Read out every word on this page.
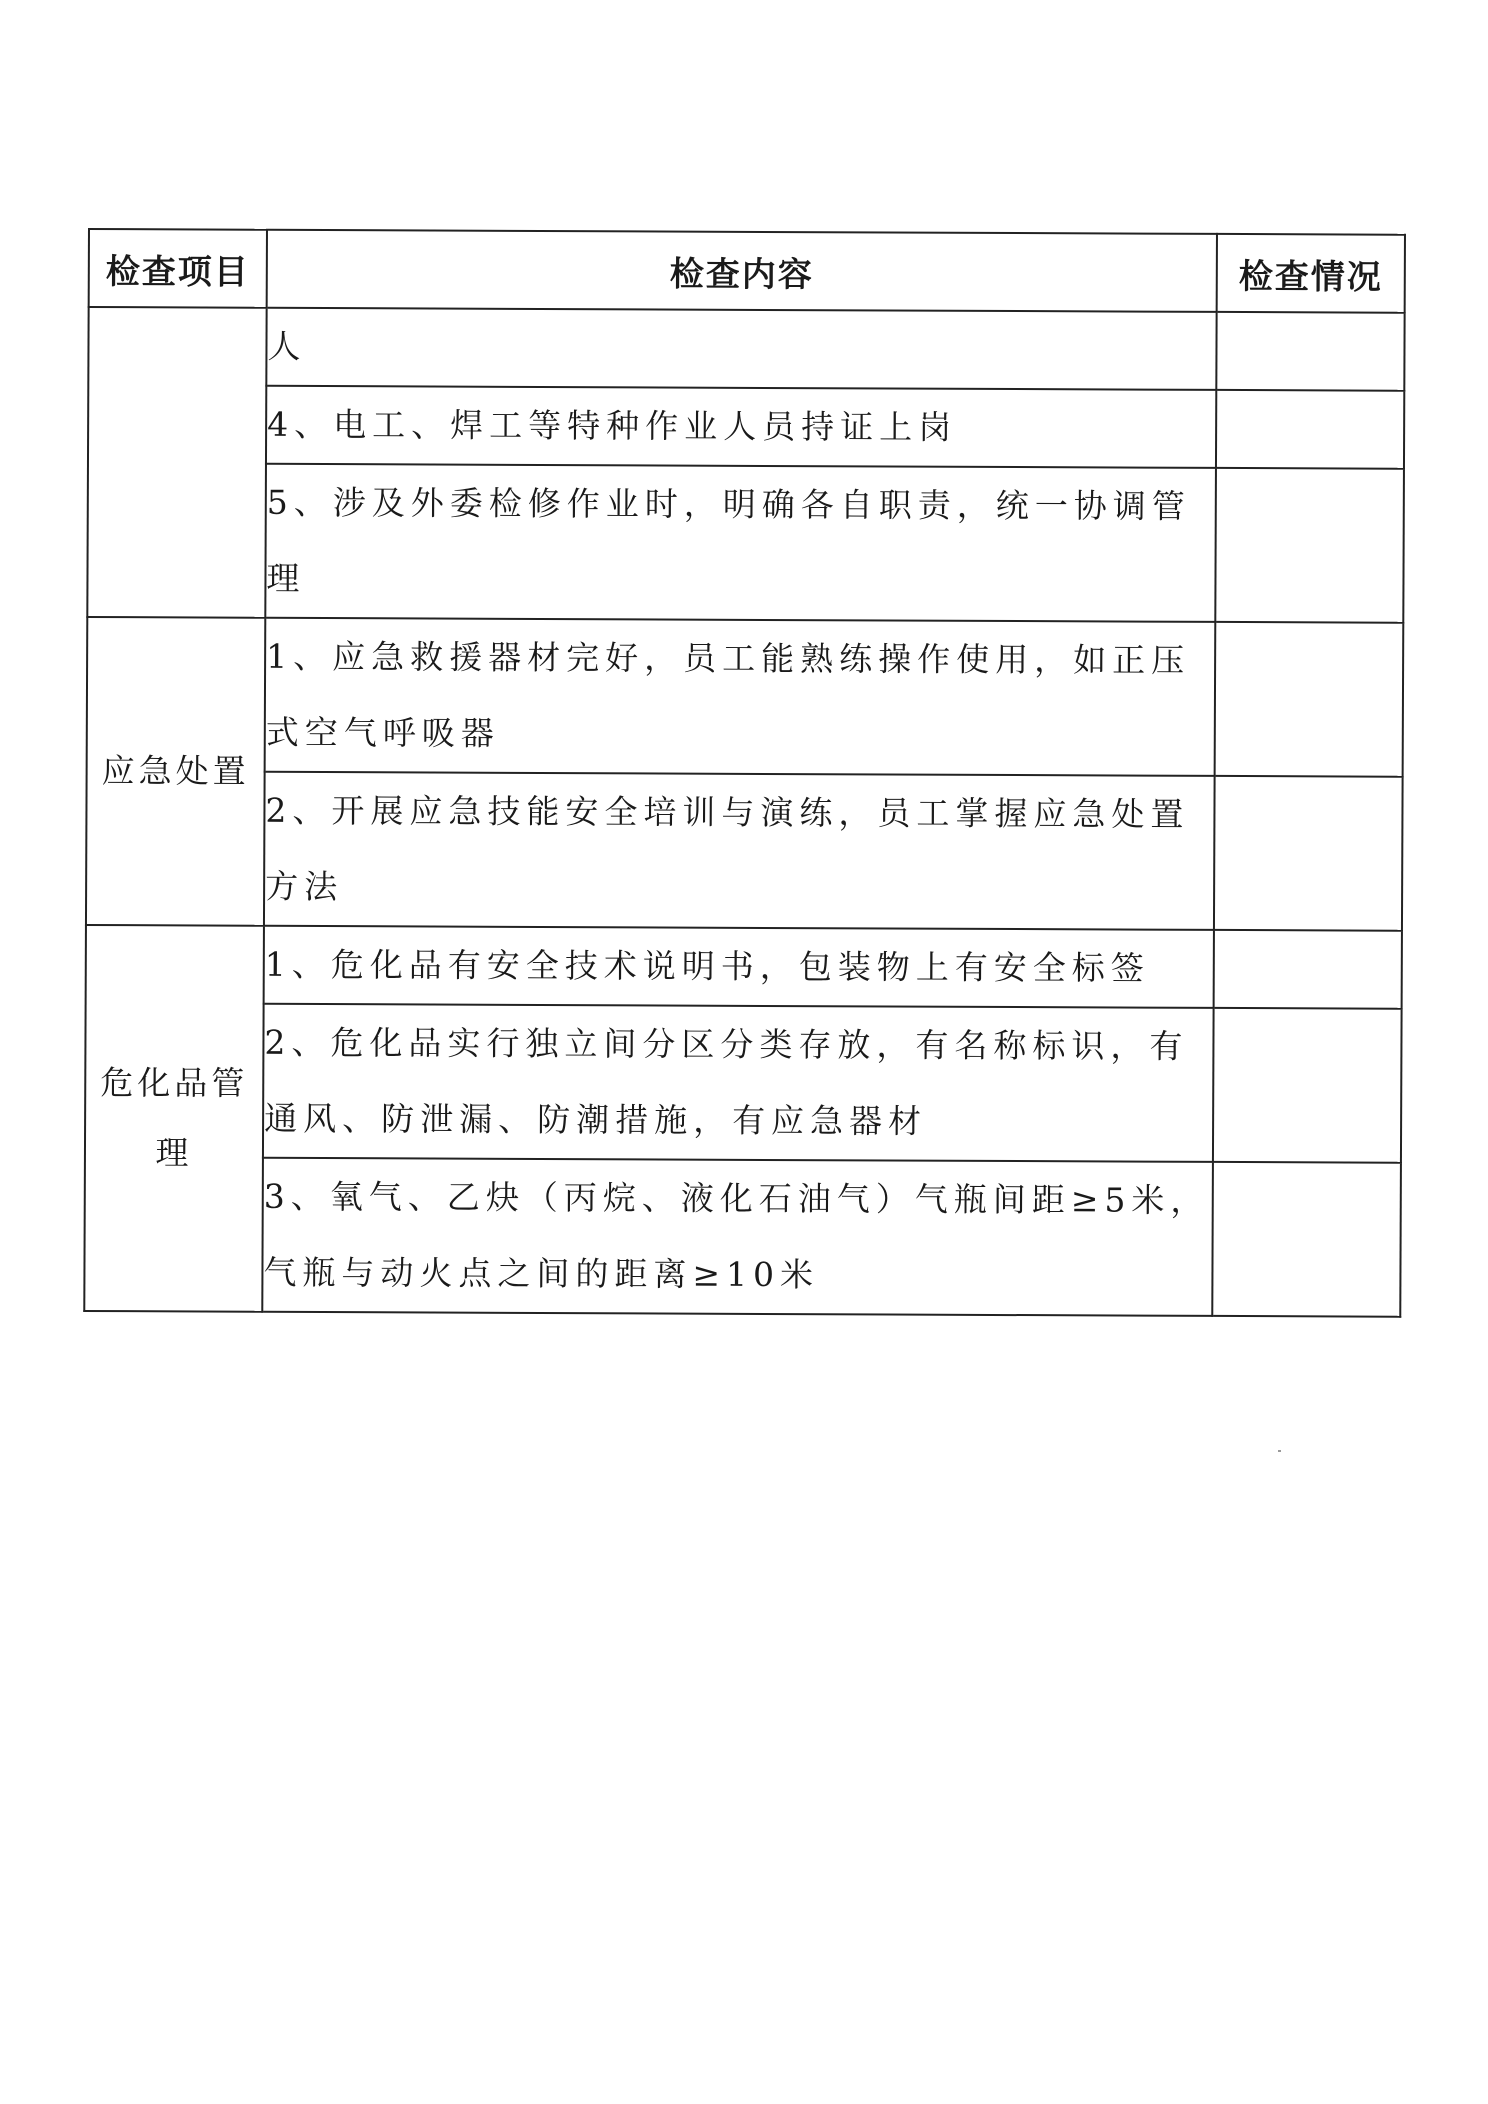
检查项目	检查内容	检查情况
	人	
	4、电工、焊工等特种作业人员持证上岗	
	5、涉及外委检修作业时，明确各自职责，统一协调管理	
应急处置	1、应急救援器材完好，员工能熟练操作使用，如正压式空气呼吸器	
	2、开展应急技能安全培训与演练，员工掌握应急处置方法	
危化品管理	1、危化品有安全技术说明书，包装物上有安全标签	
	2、危化品实行独立间分区分类存放，有名称标识，有通风、防泄漏、防潮措施，有应急器材	
	3、氧气、乙炔（丙烷、液化石油气）气瓶间距≥5米，气瓶与动火点之间的距离≥10米	
